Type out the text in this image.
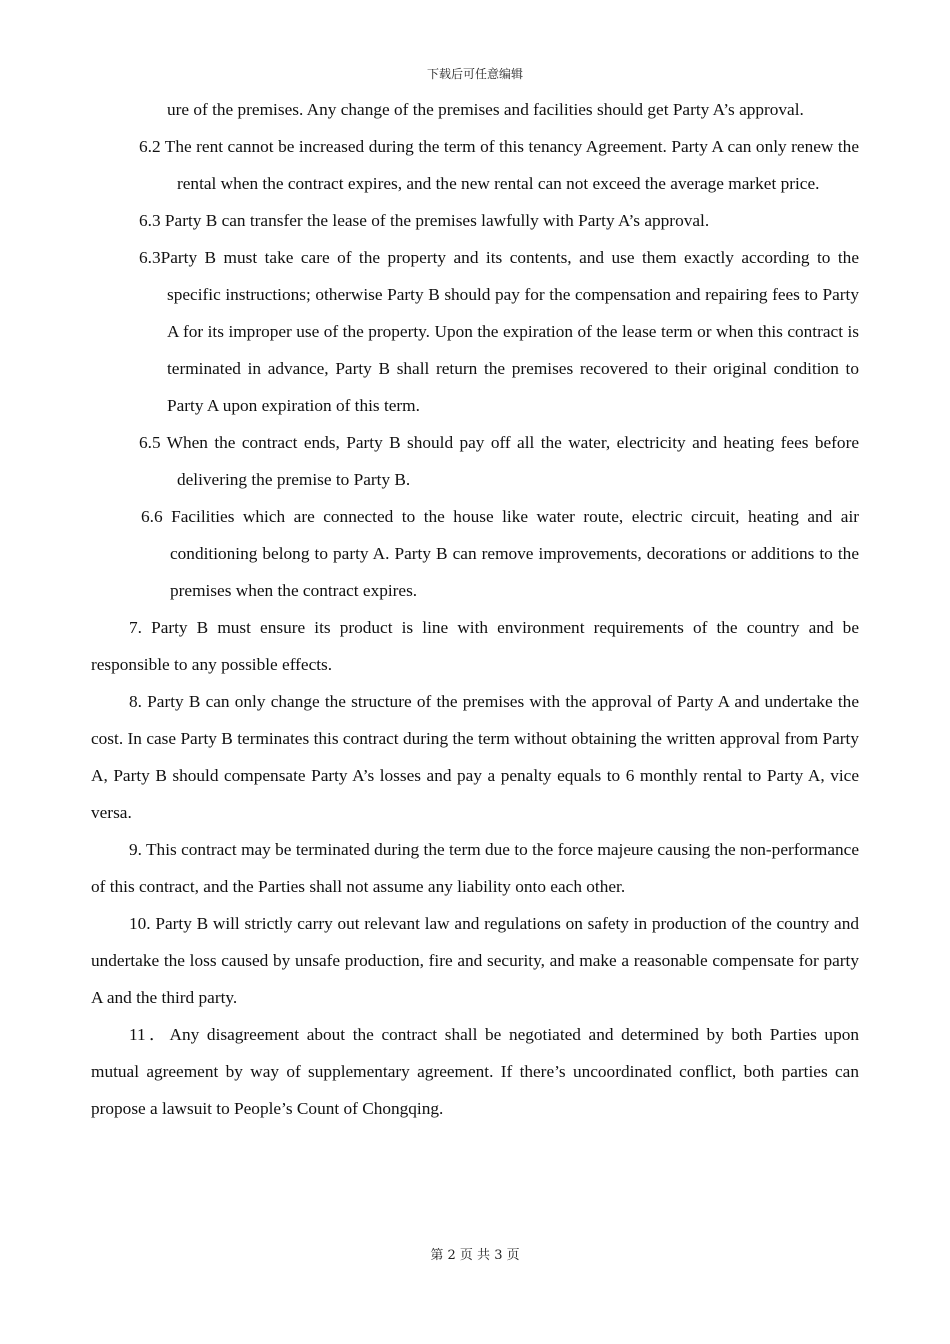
下载后可任意编辑

ure of the premises. Any change of the premises and facilities should get Party A’s approval.

6.2 The rent cannot be increased during the term of this tenancy Agreement. Party A can only renew the rental when the contract expires, and the new rental can not exceed the average market price.

6.3 Party B can transfer the lease of the premises lawfully with Party A’s approval.

6.3Party B must take care of the property and its contents, and use them exactly according to the specific instructions; otherwise Party B should pay for the compensation and repairing fees to Party A for its improper use of the property. Upon the expiration of the lease term or when this contract is terminated in advance, Party B shall return the premises recovered to their original condition to Party A upon expiration of this term.

6.5 When the contract ends, Party B should pay off all the water, electricity and heating fees before delivering the premise to Party B.

6.6 Facilities which are connected to the house like water route, electric circuit, heating and air conditioning belong to party A. Party B can remove improvements, decorations or additions to the premises when the contract expires.

7. Party B must ensure its product is line with environment requirements of the country and be responsible to any possible effects.

8. Party B can only change the structure of the premises with the approval of Party A and undertake the cost. In case Party B terminates this contract during the term without obtaining the written approval from Party A, Party B should compensate Party A’s losses and pay a penalty equals to 6 monthly rental to Party A, vice versa.

9. This contract may be terminated during the term due to the force majeure causing the non-performance of this contract, and the Parties shall not assume any liability onto each other.

10. Party B will strictly carry out relevant law and regulations on safety in production of the country and undertake the loss caused by unsafe production, fire and security, and make a reasonable compensate for party A and the third party.

11．Any disagreement about the contract shall be negotiated and determined by both Parties upon mutual agreement by way of supplementary agreement. If there’s uncoordinated conflict, both parties can propose a lawsuit to People’s Count of Chongqing.

第 2 页 共 3 页
